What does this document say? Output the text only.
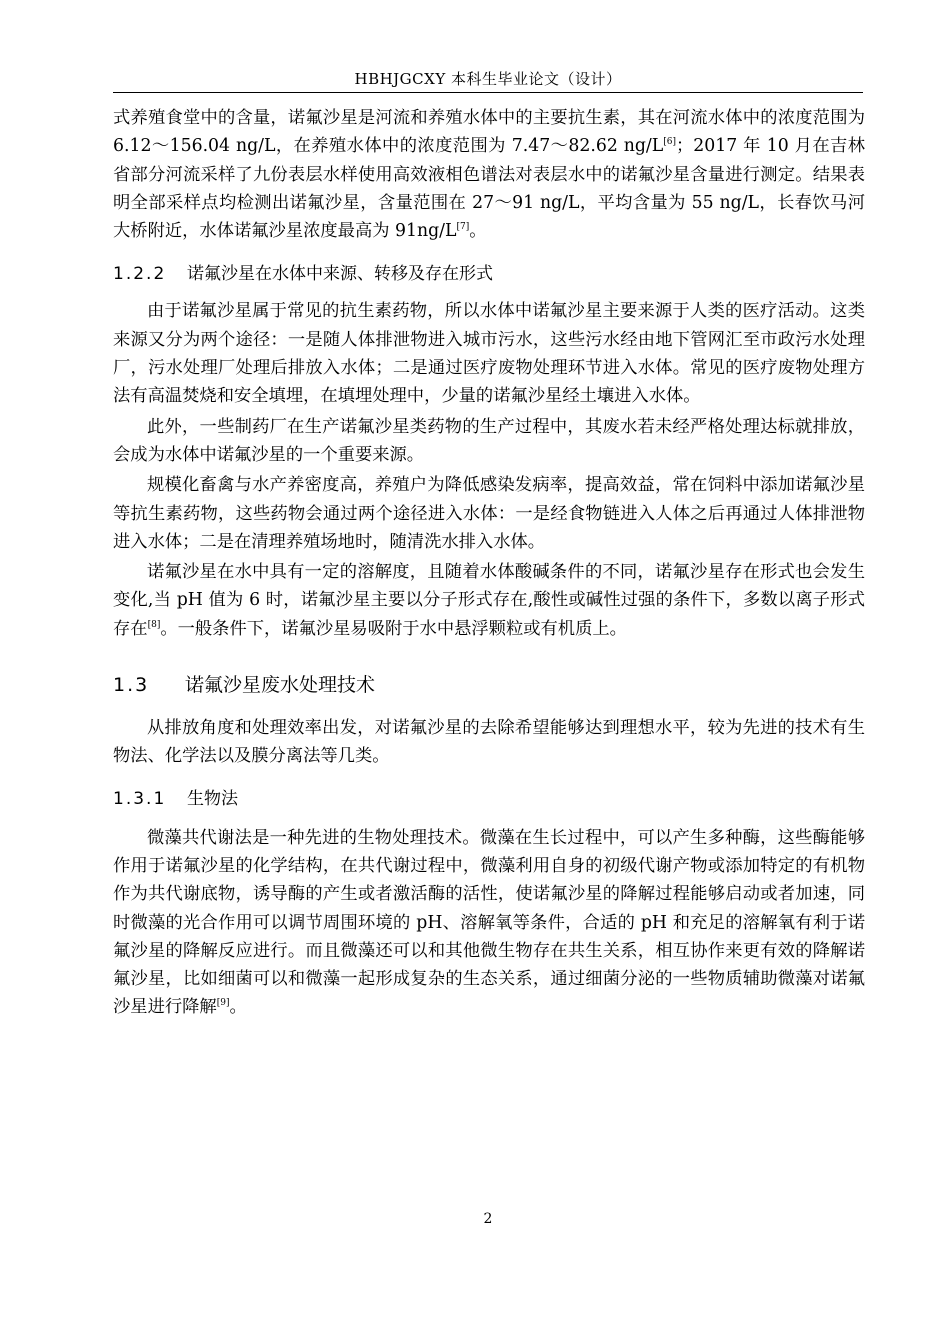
HBHJGCXY 本科生毕业论文（设计）

式养殖食堂中的含量，诺氟沙星是河流和养殖水体中的主要抗生素，其在河流水体中的浓度范围为 6.12～156.04 ng/L，在养殖水体中的浓度范围为 7.47～82.62 ng/L[6]；2017 年 10 月在吉林省部分河流采样了九份表层水样使用高效液相色谱法对表层水中的诺氟沙星含量进行测定。结果表明全部采样点均检测出诺氟沙星，含量范围在 27～91 ng/L，平均含量为 55 ng/L，长春饮马河大桥附近，水体诺氟沙星浓度最高为 91ng/L[7]。

1.2.2 诺氟沙星在水体中来源、转移及存在形式

由于诺氟沙星属于常见的抗生素药物，所以水体中诺氟沙星主要来源于人类的医疗活动。这类来源又分为两个途径：一是随人体排泄物进入城市污水，这些污水经由地下管网汇至市政污水处理厂，污水处理厂处理后排放入水体；二是通过医疗废物处理环节进入水体。常见的医疗废物处理方法有高温焚烧和安全填埋，在填埋处理中，少量的诺氟沙星经土壤进入水体。

此外，一些制药厂在生产诺氟沙星类药物的生产过程中，其废水若未经严格处理达标就排放，会成为水体中诺氟沙星的一个重要来源。

规模化畜禽与水产养密度高，养殖户为降低感染发病率，提高效益，常在饲料中添加诺氟沙星等抗生素药物，这些药物会通过两个途径进入水体：一是经食物链进入人体之后再通过人体排泄物进入水体；二是在清理养殖场地时，随清洗水排入水体。

诺氟沙星在水中具有一定的溶解度，且随着水体酸碱条件的不同，诺氟沙星存在形式也会发生变化,当 pH 值为 6 时，诺氟沙星主要以分子形式存在,酸性或碱性过强的条件下，多数以离子形式存在[8]。一般条件下，诺氟沙星易吸附于水中悬浮颗粒或有机质上。

1.3 诺氟沙星废水处理技术

从排放角度和处理效率出发，对诺氟沙星的去除希望能够达到理想水平，较为先进的技术有生物法、化学法以及膜分离法等几类。

1.3.1 生物法

微藻共代谢法是一种先进的生物处理技术。微藻在生长过程中，可以产生多种酶，这些酶能够作用于诺氟沙星的化学结构，在共代谢过程中，微藻利用自身的初级代谢产物或添加特定的有机物作为共代谢底物，诱导酶的产生或者激活酶的活性，使诺氟沙星的降解过程能够启动或者加速，同时微藻的光合作用可以调节周围环境的 pH、溶解氧等条件，合适的 pH 和充足的溶解氧有利于诺氟沙星的降解反应进行。而且微藻还可以和其他微生物存在共生关系，相互协作来更有效的降解诺氟沙星，比如细菌可以和微藻一起形成复杂的生态关系，通过细菌分泌的一些物质辅助微藻对诺氟沙星进行降解[9]。

2
